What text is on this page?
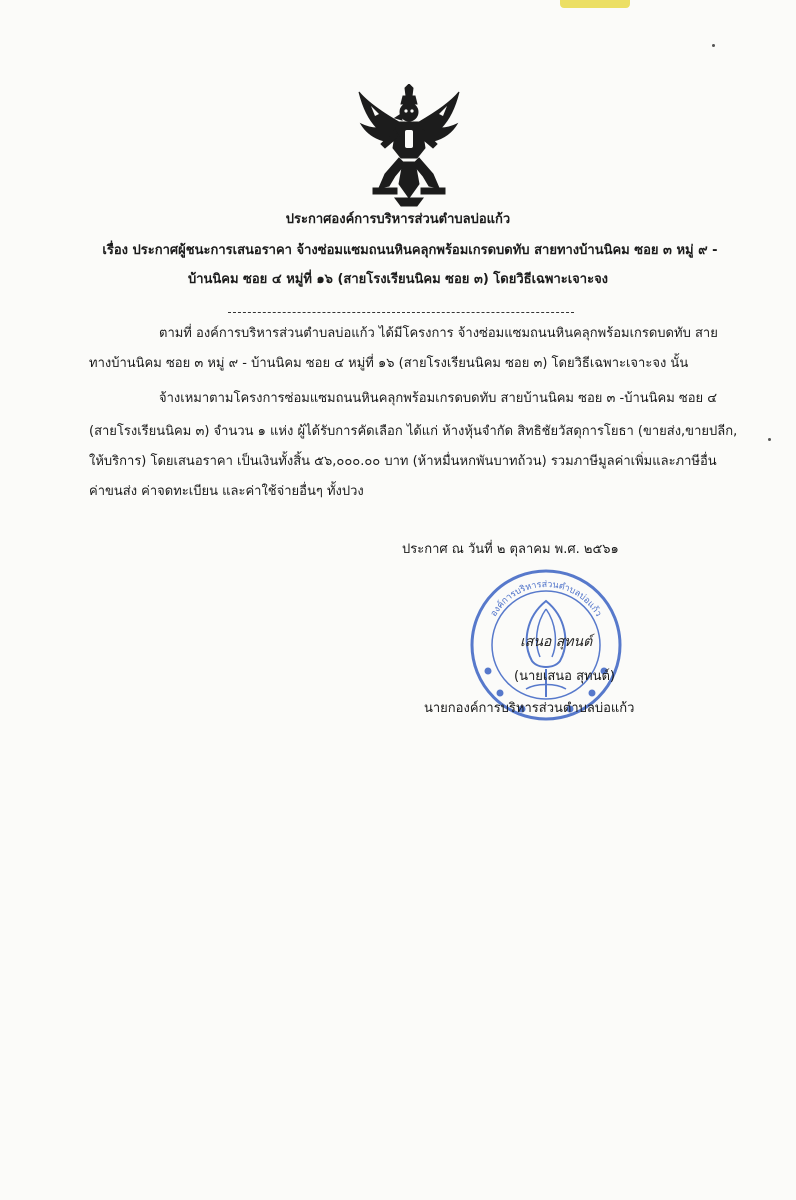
ประกาศองค์การบริหารส่วนตำบลบ่อแก้ว
เรื่อง ประกาศผู้ชนะการเสนอราคา จ้างซ่อมแซมถนนหินคลุกพร้อมเกรดบดทับ สายทางบ้านนิคม ซอย ๓ หมู่ ๙ -
บ้านนิคม ซอย ๔ หมู่ที่ ๑๖ (สายโรงเรียนนิคม ซอย ๓) โดยวิธีเฉพาะเจาะจง
ตามที่ องค์การบริหารส่วนตำบลบ่อแก้ว ได้มีโครงการ จ้างซ่อมแซมถนนหินคลุกพร้อมเกรดบดทับ สาย
ทางบ้านนิคม ซอย ๓ หมู่ ๙ - บ้านนิคม ซอย ๔ หมู่ที่ ๑๖ (สายโรงเรียนนิคม ซอย ๓) โดยวิธีเฉพาะเจาะจง นั้น
จ้างเหมาตามโครงการซ่อมแซมถนนหินคลุกพร้อมเกรดบดทับ สายบ้านนิคม ซอย ๓ -บ้านนิคม ซอย ๔
(สายโรงเรียนนิคม ๓) จำนวน ๑ แห่ง ผู้ได้รับการคัดเลือก ได้แก่ ห้างหุ้นจำกัด สิทธิชัยวัสดุการโยธา (ขายส่ง,ขายปลีก,
ให้บริการ) โดยเสนอราคา เป็นเงินทั้งสิ้น ๕๖,๐๐๐.๐๐ บาท (ห้าหมื่นหกพันบาทถ้วน) รวมภาษีมูลค่าเพิ่มและภาษีอื่น
ค่าขนส่ง ค่าจดทะเบียน และค่าใช้จ่ายอื่นๆ ทั้งปวง
ประกาศ ณ วันที่ ๒ ตุลาคม พ.ศ. ๒๕๖๑
องค์การบริหารส่วนตำบลบ่อแก้ว
เสนอ สุทนต์
(นายเสนอ สุทนต์)
นายกองค์การบริหารส่วนตำบลบ่อแก้ว
